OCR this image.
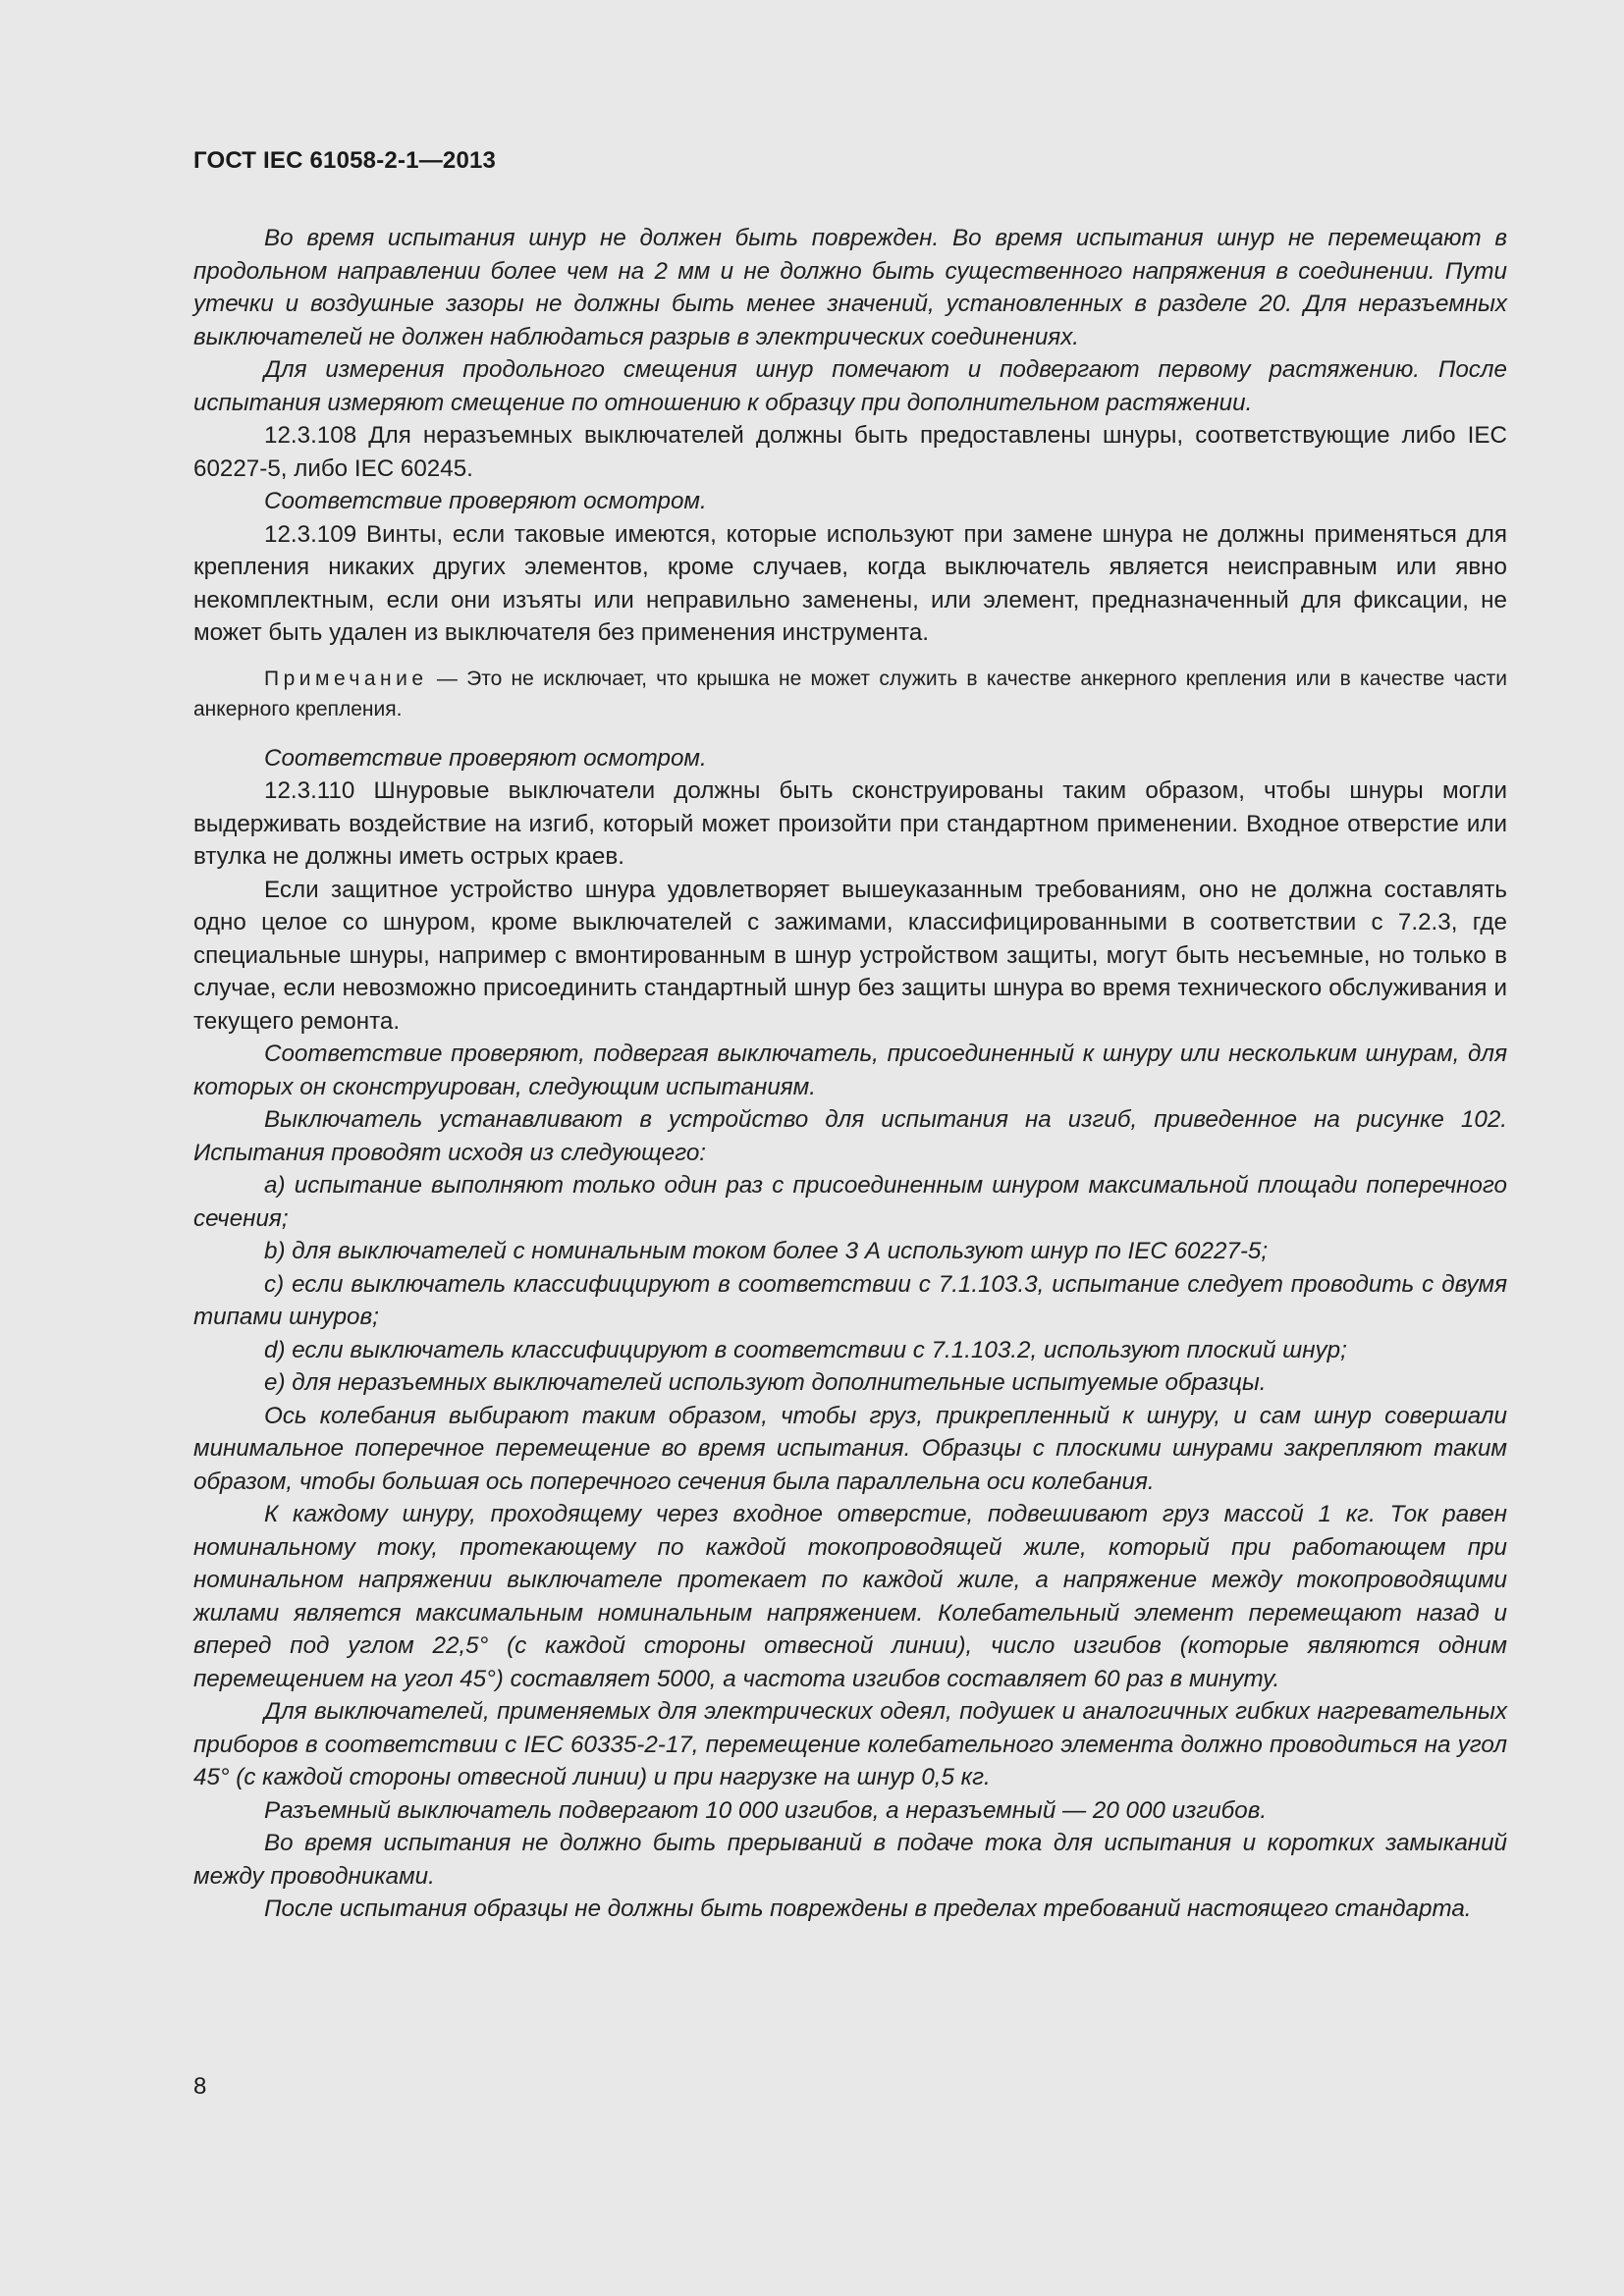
ГОСТ IEC 61058-2-1—2013

Во время испытания шнур не должен быть поврежден. Во время испытания шнур не перемещают в продольном направлении более чем на 2 мм и не должно быть существенного напряжения в соединении. Пути утечки и воздушные зазоры не должны быть менее значений, установленных в разделе 20. Для неразъемных выключателей не должен наблюдаться разрыв в электрических соединениях.

Для измерения продольного смещения шнур помечают и подвергают первому растяжению. После испытания измеряют смещение по отношению к образцу при дополнительном растяжении.

12.3.108 Для неразъемных выключателей должны быть предоставлены шнуры, соответствующие либо IEC 60227-5, либо IEC 60245.

Соответствие проверяют осмотром.

12.3.109 Винты, если таковые имеются, которые используют при замене шнура не должны применяться для крепления никаких других элементов, кроме случаев, когда выключатель является неисправным или явно некомплектным, если они изъяты или неправильно заменены, или элемент, предназначенный для фиксации, не может быть удален из выключателя без применения инструмента.

Примечание — Это не исключает, что крышка не может служить в качестве анкерного крепления или в качестве части анкерного крепления.

Соответствие проверяют осмотром.

12.3.110 Шнуровые выключатели должны быть сконструированы таким образом, чтобы шнуры могли выдерживать воздействие на изгиб, который может произойти при стандартном применении. Входное отверстие или втулка не должны иметь острых краев.

Если защитное устройство шнура удовлетворяет вышеуказанным требованиям, оно не должна составлять одно целое со шнуром, кроме выключателей с зажимами, классифицированными в соответствии с 7.2.3, где специальные шнуры, например с вмонтированным в шнур устройством защиты, могут быть несъемные, но только в случае, если невозможно присоединить стандартный шнур без защиты шнура во время технического обслуживания и текущего ремонта.

Соответствие проверяют, подвергая выключатель, присоединенный к шнуру или нескольким шнурам, для которых он сконструирован, следующим испытаниям.

Выключатель устанавливают в устройство для испытания на изгиб, приведенное на рисунке 102. Испытания проводят исходя из следующего:

a) испытание выполняют только один раз с присоединенным шнуром максимальной площади поперечного сечения;

b) для выключателей с номинальным током более 3 А используют шнур по IEC 60227-5;

c) если выключатель классифицируют в соответствии с 7.1.103.3, испытание следует проводить с двумя типами шнуров;

d) если выключатель классифицируют в соответствии с 7.1.103.2, используют плоский шнур;

e) для неразъемных выключателей используют дополнительные испытуемые образцы.

Ось колебания выбирают таким образом, чтобы груз, прикрепленный к шнуру, и сам шнур совершали минимальное поперечное перемещение во время испытания. Образцы с плоскими шнурами закрепляют таким образом, чтобы большая ось поперечного сечения была параллельна оси колебания.

К каждому шнуру, проходящему через входное отверстие, подвешивают груз массой 1 кг. Ток равен номинальному току, протекающему по каждой токопроводящей жиле, который при работающем при номинальном напряжении выключателе протекает по каждой жиле, а напряжение между токопроводящими жилами является максимальным номинальным напряжением. Колебательный элемент перемещают назад и вперед под углом 22,5° (с каждой стороны отвесной линии), число изгибов (которые являются одним перемещением на угол 45°) составляет 5000, а частота изгибов составляет 60 раз в минуту.

Для выключателей, применяемых для электрических одеял, подушек и аналогичных гибких нагревательных приборов в соответствии с IEC 60335-2-17, перемещение колебательного элемента должно проводиться на угол 45° (с каждой стороны отвесной линии) и при нагрузке на шнур 0,5 кг.

Разъемный выключатель подвергают 10 000 изгибов, а неразъемный — 20 000 изгибов.

Во время испытания не должно быть прерываний в подаче тока для испытания и коротких замыканий между проводниками.

После испытания образцы не должны быть повреждены в пределах требований настоящего стандарта.

8
